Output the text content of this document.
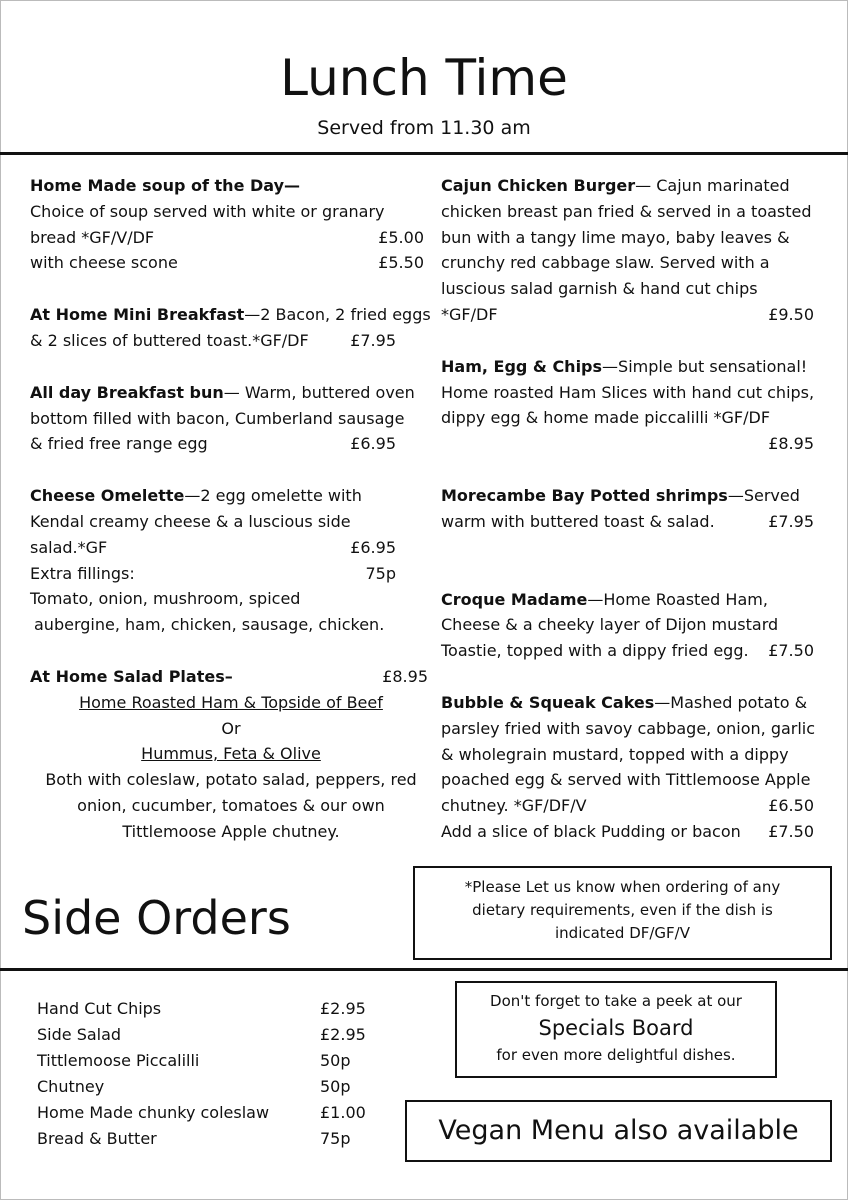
Lunch Time
Served from 11.30 am
Home Made soup of the Day—
Choice of soup served with white or granary
bread *GF/V/DF	£5.00
with cheese scone	£5.50
At Home Mini Breakfast—2 Bacon, 2 fried eggs
& 2 slices of buttered toast.*GF/DF	£7.95
All day Breakfast bun— Warm, buttered oven
bottom filled with bacon, Cumberland sausage
& fried free range egg	£6.95
Cheese Omelette—2 egg omelette with
Kendal creamy cheese & a luscious side
salad.*GF	£6.95
Extra fillings:	75p
Tomato, onion, mushroom, spiced
aubergine, ham, chicken, sausage, chicken.
At Home Salad Plates–	£8.95
Home Roasted Ham & Topside of Beef
Or
Hummus, Feta & Olive
Both with coleslaw, potato salad, peppers, red
onion, cucumber, tomatoes & our own
Tittlemoose Apple chutney.
Cajun Chicken Burger— Cajun marinated
chicken breast pan fried & served in a toasted
bun with a tangy lime mayo, baby leaves &
crunchy red cabbage slaw. Served with a
luscious salad garnish & hand cut chips
*GF/DF	£9.50
Ham, Egg & Chips—Simple but sensational!
Home roasted Ham Slices with hand cut chips,
dippy egg & home made piccalilli *GF/DF
£8.95
Morecambe Bay Potted shrimps—Served
warm with buttered toast & salad.	£7.95
Croque Madame—Home Roasted Ham,
Cheese & a cheeky layer of Dijon mustard
Toastie, topped with a dippy fried egg. £7.50
Bubble & Squeak Cakes—Mashed potato &
parsley fried with savoy cabbage, onion, garlic
& wholegrain mustard, topped with a dippy
poached egg & served with Tittlemoose Apple
chutney. *GF/DF/V	£6.50
Add a slice of black Pudding or bacon £7.50
Side Orders
*Please Let us know when ordering of any
dietary requirements, even if the dish is
indicated DF/GF/V
Hand Cut Chips	£2.95
Side Salad	£2.95
Tittlemoose Piccalilli	50p
Chutney	50p
Home Made chunky coleslaw	£1.00
Bread & Butter	75p
Don't forget to take a peek at our
Specials Board
for even more delightful dishes.
Vegan Menu also available
